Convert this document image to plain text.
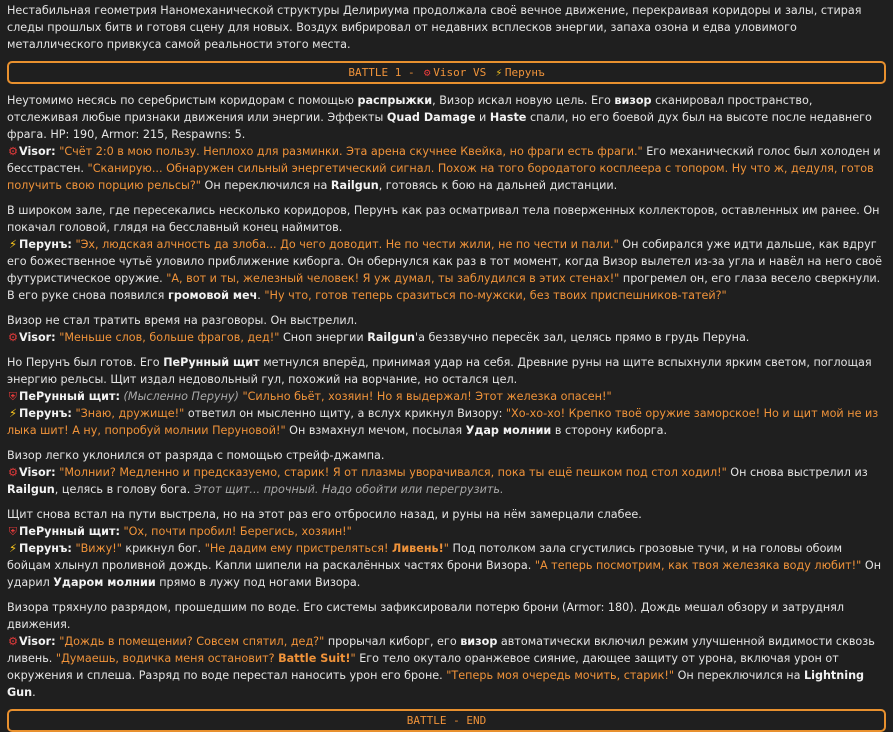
Нестабильная геометрия Наномеханической структуры Делириума продолжала своё вечное движение, перекраивая коридоры и залы, стирая следы прошлых битв и готовя сцену для новых. Воздух вибрировал от недавних всплесков энергии, запаха озона и едва уловимого металлического привкуса самой реальности этого места.

BATTLE 1 - ⚙ Visor VS ⚡ Перунъ

Неутомимо несясь по серебристым коридорам с помощью распрыжки, Визор искал новую цель. Его визор сканировал пространство, отслеживая любые признаки движения или энергии. Эффекты Quad Damage и Haste спали, но его боевой дух был на высоте после недавнего фрага. HP: 190, Armor: 215, Respawns: 5.
⚙Visor: "Счёт 2:0 в мою пользу. Неплохо для разминки. Эта арена скучнее Квейка, но фраги есть фраги." Его механический голос был холоден и бесстрастен. "Сканирую... Обнаружен сильный энергетический сигнал. Похож на того бородатого косплеера с топором. Ну что ж, дедуля, готов получить свою порцию рельсы?" Он переключился на Railgun, готовясь к бою на дальней дистанции.

В широком зале, где пересекались несколько коридоров, Перунъ как раз осматривал тела поверженных коллекторов, оставленных им ранее. Он покачал головой, глядя на бесславный конец наймитов.
⚡ Перунъ: "Эх, людская алчность да злоба... До чего доводит. Не по чести жили, не по чести и пали." Он собирался уже идти дальше, как вдруг его божественное чутьё уловило приближение киборга. Он обернулся как раз в тот момент, когда Визор вылетел из-за угла и навёл на него своё футуристическое оружие. "А, вот и ты, железный человек! Я уж думал, ты заблудился в этих стенах!" прогремел он, его глаза весело сверкнули. В его руке снова появился громовой меч. "Ну что, готов теперь сразиться по-мужски, без твоих приспешников-татей?"

Визор не стал тратить время на разговоры. Он выстрелил.
⚙Visor: "Меньше слов, больше фрагов, дед!" Сноп энергии Railgun'а беззвучно пересёк зал, целясь прямо в грудь Перуна.

Но Перунъ был готов. Его ПеРунный щит метнулся вперёд, принимая удар на себя. Древние руны на щите вспыхнули ярким светом, поглощая энергию рельсы. Щит издал недовольный гул, похожий на ворчание, но остался цел.
⛨ ПеРунный щит: (Мысленно Перуну) "Сильно бьёт, хозяин! Но я выдержал! Этот железка опасен!"
⚡ Перунъ: "Знаю, дружище!" ответил он мысленно щиту, а вслух крикнул Визору: "Хо-хо-хо! Крепко твоё оружие заморское! Но и щит мой не из лыка шит! А ну, попробуй молнии Перуновой!" Он взмахнул мечом, посылая Удар молнии в сторону киборга.

Визор легко уклонился от разряда с помощью стрейф-джампа.
⚙Visor: "Молнии? Медленно и предсказуемо, старик! Я от плазмы уворачивался, пока ты ещё пешком под стол ходил!" Он снова выстрелил из Railgun, целясь в голову бога. Этот щит... прочный. Надо обойти или перегрузить.

Щит снова встал на пути выстрела, но на этот раз его отбросило назад, и руны на нём замерцали слабее.
⛨ ПеРунный щит: "Ох, почти пробил! Берегись, хозяин!"
⚡ Перунъ: "Вижу!" крикнул бог. "Не дадим ему пристреляться! Ливень!" Под потолком зала сгустились грозовые тучи, и на головы обоим бойцам хлынул проливной дождь. Капли шипели на раскалённых частях брони Визора. "А теперь посмотрим, как твоя железяка воду любит!" Он ударил Ударом молнии прямо в лужу под ногами Визора.

Визора тряхнуло разрядом, прошедшим по воде. Его системы зафиксировали потерю брони (Armor: 180). Дождь мешал обзору и затруднял движения.
⚙Visor: "Дождь в помещении? Совсем спятил, дед?" прорычал киборг, его визор автоматически включил режим улучшенной видимости сквозь ливень. "Думаешь, водичка меня остановит? Battle Suit!" Его тело окутало оранжевое сияние, дающее защиту от урона, включая урон от окружения и сплеша. Разряд по воде перестал наносить урон его броне. "Теперь моя очередь мочить, старик!" Он переключился на Lightning Gun.

BATTLE - END
